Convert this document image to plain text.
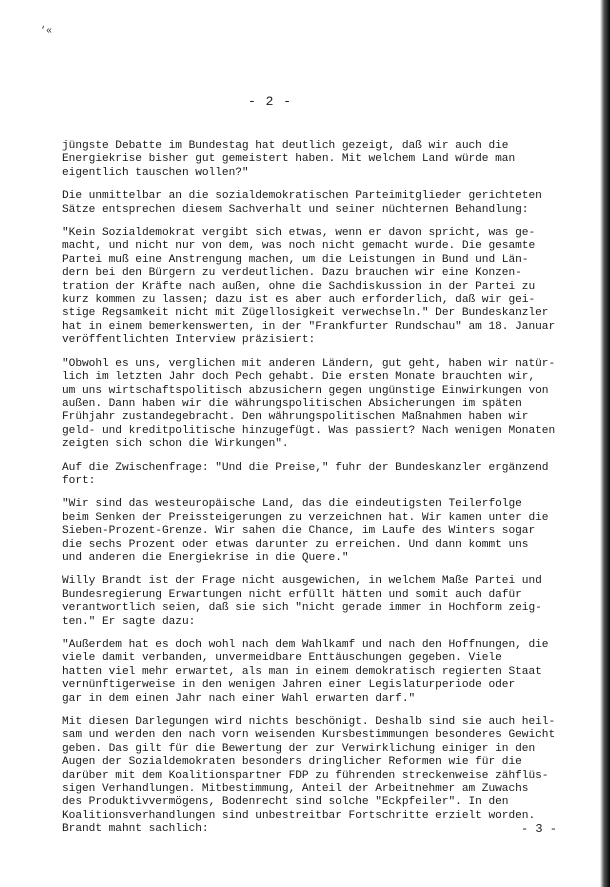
‘«
- 2 -

jüngste Debatte im Bundestag hat deutlich gezeigt, daß wir auch die
Energiekrise bisher gut gemeistert haben. Mit welchem Land würde man
eigentlich tauschen wollen?"

Die unmittelbar an die sozialdemokratischen Parteimitglieder gerichteten
Sätze entsprechen diesem Sachverhalt und seiner nüchternen Behandlung:

"Kein Sozialdemokrat vergibt sich etwas, wenn er davon spricht, was ge-
macht, und nicht nur von dem, was noch nicht gemacht wurde. Die gesamte
Partei muß eine Anstrengung machen, um die Leistungen in Bund und Län-
dern bei den Bürgern zu verdeutlichen. Dazu brauchen wir eine Konzen-
tration der Kräfte nach außen, ohne die Sachdiskussion in der Partei zu
kurz kommen zu lassen; dazu ist es aber auch erforderlich, daß wir gei-
stige Regsamkeit nicht mit Zügellosigkeit verwechseln." Der Bundeskanzler
hat in einem bemerkenswerten, in der "Frankfurter Rundschau" am 18. Januar
veröffentlichten Interview präzisiert:

"Obwohl es uns, verglichen mit anderen Ländern, gut geht, haben wir natür-
lich im letzten Jahr doch Pech gehabt. Die ersten Monate brauchten wir,
um uns wirtschaftspolitisch abzusichern gegen ungünstige Einwirkungen von
außen. Dann haben wir die währungspolitischen Absicherungen im späten
Frühjahr zustandegebracht. Den währungspolitischen Maßnahmen haben wir
geld- und kreditpolitische hinzugefügt. Was passiert? Nach wenigen Monaten
zeigten sich schon die Wirkungen".

Auf die Zwischenfrage: "Und die Preise," fuhr der Bundeskanzler ergänzend
fort:

"Wir sind das westeuropäische Land, das die eindeutigsten Teilerfolge
beim Senken der Preissteigerungen zu verzeichnen hat. Wir kamen unter die
Sieben-Prozent-Grenze. Wir sahen die Chance, im Laufe des Winters sogar
die sechs Prozent oder etwas darunter zu erreichen. Und dann kommt uns
und anderen die Energiekrise in die Quere."

Willy Brandt ist der Frage nicht ausgewichen, in welchem Maße Partei und
Bundesregierung Erwartungen nicht erfüllt hätten und somit auch dafür
verantwortlich seien, daß sie sich "nicht gerade immer in Hochform zeig-
ten." Er sagte dazu:

"Außerdem hat es doch wohl nach dem Wahlkamf und nach den Hoffnungen, die
viele damit verbanden, unvermeidbare Enttäuschungen gegeben. Viele
hatten viel mehr erwartet, als man in einem demokratisch regierten Staat
vernünftigerweise in den wenigen Jahren einer Legislaturperiode oder
gar in dem einen Jahr nach einer Wahl erwarten darf."

Mit diesen Darlegungen wird nichts beschönigt. Deshalb sind sie auch heil-
sam und werden den nach vorn weisenden Kursbestimmungen besonderes Gewicht
geben. Das gilt für die Bewertung der zur Verwirklichung einiger in den
Augen der Sozialdemokraten besonders dringlicher Reformen wie für die
darüber mit dem Koalitionspartner FDP zu führenden streckenweise zähflüs-
sigen Verhandlungen. Mitbestimmung, Anteil der Arbeitnehmer am Zuwachs
des Produktivvermögens, Bodenrecht sind solche "Eckpfeiler". In den
Koalitionsverhandlungen sind unbestreitbar Fortschritte erzielt worden.
Brandt mahnt sachlich:	- 3 -
